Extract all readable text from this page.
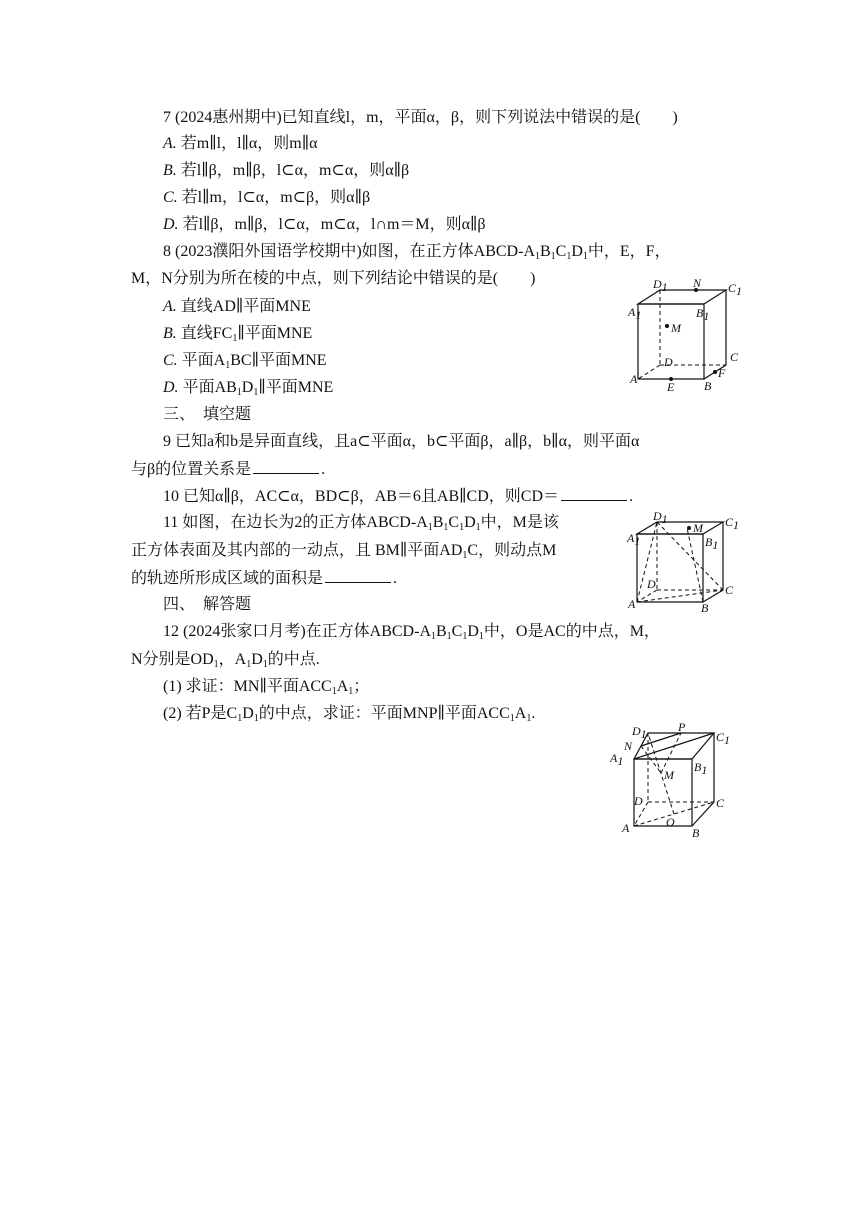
7 (2024惠州期中)已知直线l，m，平面α，β，则下列说法中错误的是(　　)
A. 若m∥l，l∥α，则m∥α
B. 若l∥β，m∥β，l⊂α，m⊂α，则α∥β
C. 若l∥m，l⊂α，m⊂β，则α∥β
D. 若l∥β，m∥β，l⊂α，m⊂α，l∩m＝M，则α∥β
8 (2023濮阳外国语学校期中)如图，在正方体ABCD-$A_1B_1C_1D_1$中，E，F，
M，N分别为所在棱的中点，则下列结论中错误的是(　　)
A. 直线AD∥平面MNE
B. 直线$FC_1\parallel$平面MNE
C. 平面$A_1BC\parallel$平面MNE
D. 平面$AB_1D_1\parallel$平面MNE
D1 N C1
B1
A1
M
D	C
A
E B
F
三、　填空题
9 已知a和b是异面直线，且a⊂平面α，b⊂平面β，a∥β，b∥α，则平面α
与β的位置关系是	.
10 已知α∥β，AC⊂α，BD⊂β，AB＝6且AB∥CD，则CD＝	.
11 如图，在边长为2的正方体ABCD-$A_1B_1C_1D_1$中，M是该
正方体表面及其内部的一动点，且 BM∥平面$AD_1C$，则动点M
的轨迹所形成区域的面积是	.
D1
M C1
A1	B1
D	C
A	B
四、　解答题
12 (2024张家口月考)在正方体ABCD-$A_1B_1C_1D_1$中，O是AC的中点，M，
N分别是$OD_1$，$A_1D_1$的中点.
(1) 求证：MN∥平面$ACC_1A_1$；
(2) 若P是$C_1D_1$的中点，求证：平面MNP∥平面$ACC_1A_1$.
D1	P
C1
N
A1	B1
M
D	C
O
A	B
